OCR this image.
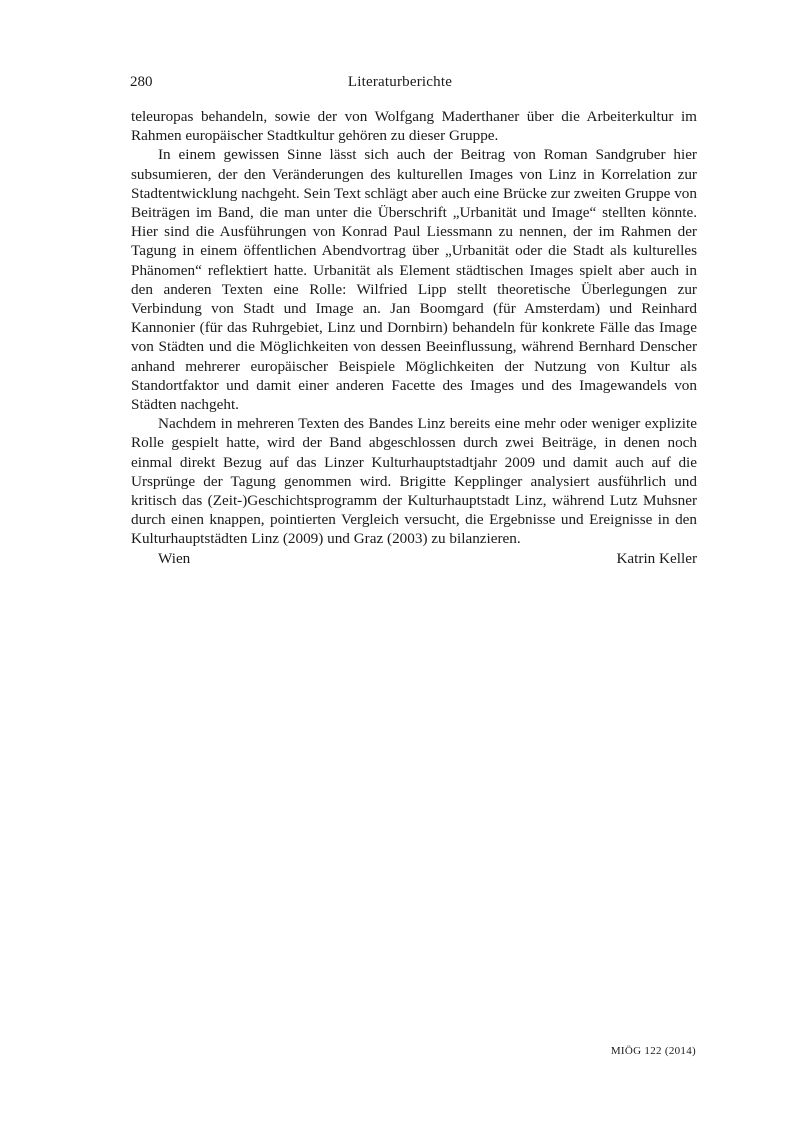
280	Literaturberichte

teleuropas behandeln, sowie der von Wolfgang Maderthaner über die Arbeiterkultur im Rahmen europäischer Stadtkultur gehören zu dieser Gruppe.

In einem gewissen Sinne lässt sich auch der Beitrag von Roman Sandgruber hier subsumieren, der den Veränderungen des kulturellen Images von Linz in Korrelation zur Stadtentwicklung nachgeht. Sein Text schlägt aber auch eine Brücke zur zweiten Gruppe von Beiträgen im Band, die man unter die Überschrift „Urbanität und Image“ stellten könnte. Hier sind die Ausführungen von Konrad Paul Liessmann zu nennen, der im Rahmen der Tagung in einem öffentlichen Abendvortrag über „Urbanität oder die Stadt als kulturelles Phänomen“ reflektiert hatte. Urbanität als Element städtischen Images spielt aber auch in den anderen Texten eine Rolle: Wilfried Lipp stellt theoretische Überlegungen zur Verbindung von Stadt und Image an. Jan Boomgard (für Amsterdam) und Reinhard Kannonier (für das Ruhrgebiet, Linz und Dornbirn) behandeln für konkrete Fälle das Image von Städten und die Möglichkeiten von dessen Beeinflussung, während Bernhard Denscher anhand mehrerer europäischer Beispiele Möglichkeiten der Nutzung von Kultur als Standortfaktor und damit einer anderen Facette des Images und des Imagewandels von Städten nachgeht.

Nachdem in mehreren Texten des Bandes Linz bereits eine mehr oder weniger explizite Rolle gespielt hatte, wird der Band abgeschlossen durch zwei Beiträge, in denen noch einmal direkt Bezug auf das Linzer Kulturhauptstadtjahr 2009 und damit auch auf die Ursprünge der Tagung genommen wird. Brigitte Kepplinger analysiert ausführlich und kritisch das (Zeit-)Geschichtsprogramm der Kulturhauptstadt Linz, während Lutz Muhsner durch einen knappen, pointierten Vergleich versucht, die Ergebnisse und Ereignisse in den Kulturhauptstädten Linz (2009) und Graz (2003) zu bilanzieren.

Wien	Katrin Keller
MIÖG 122 (2014)
